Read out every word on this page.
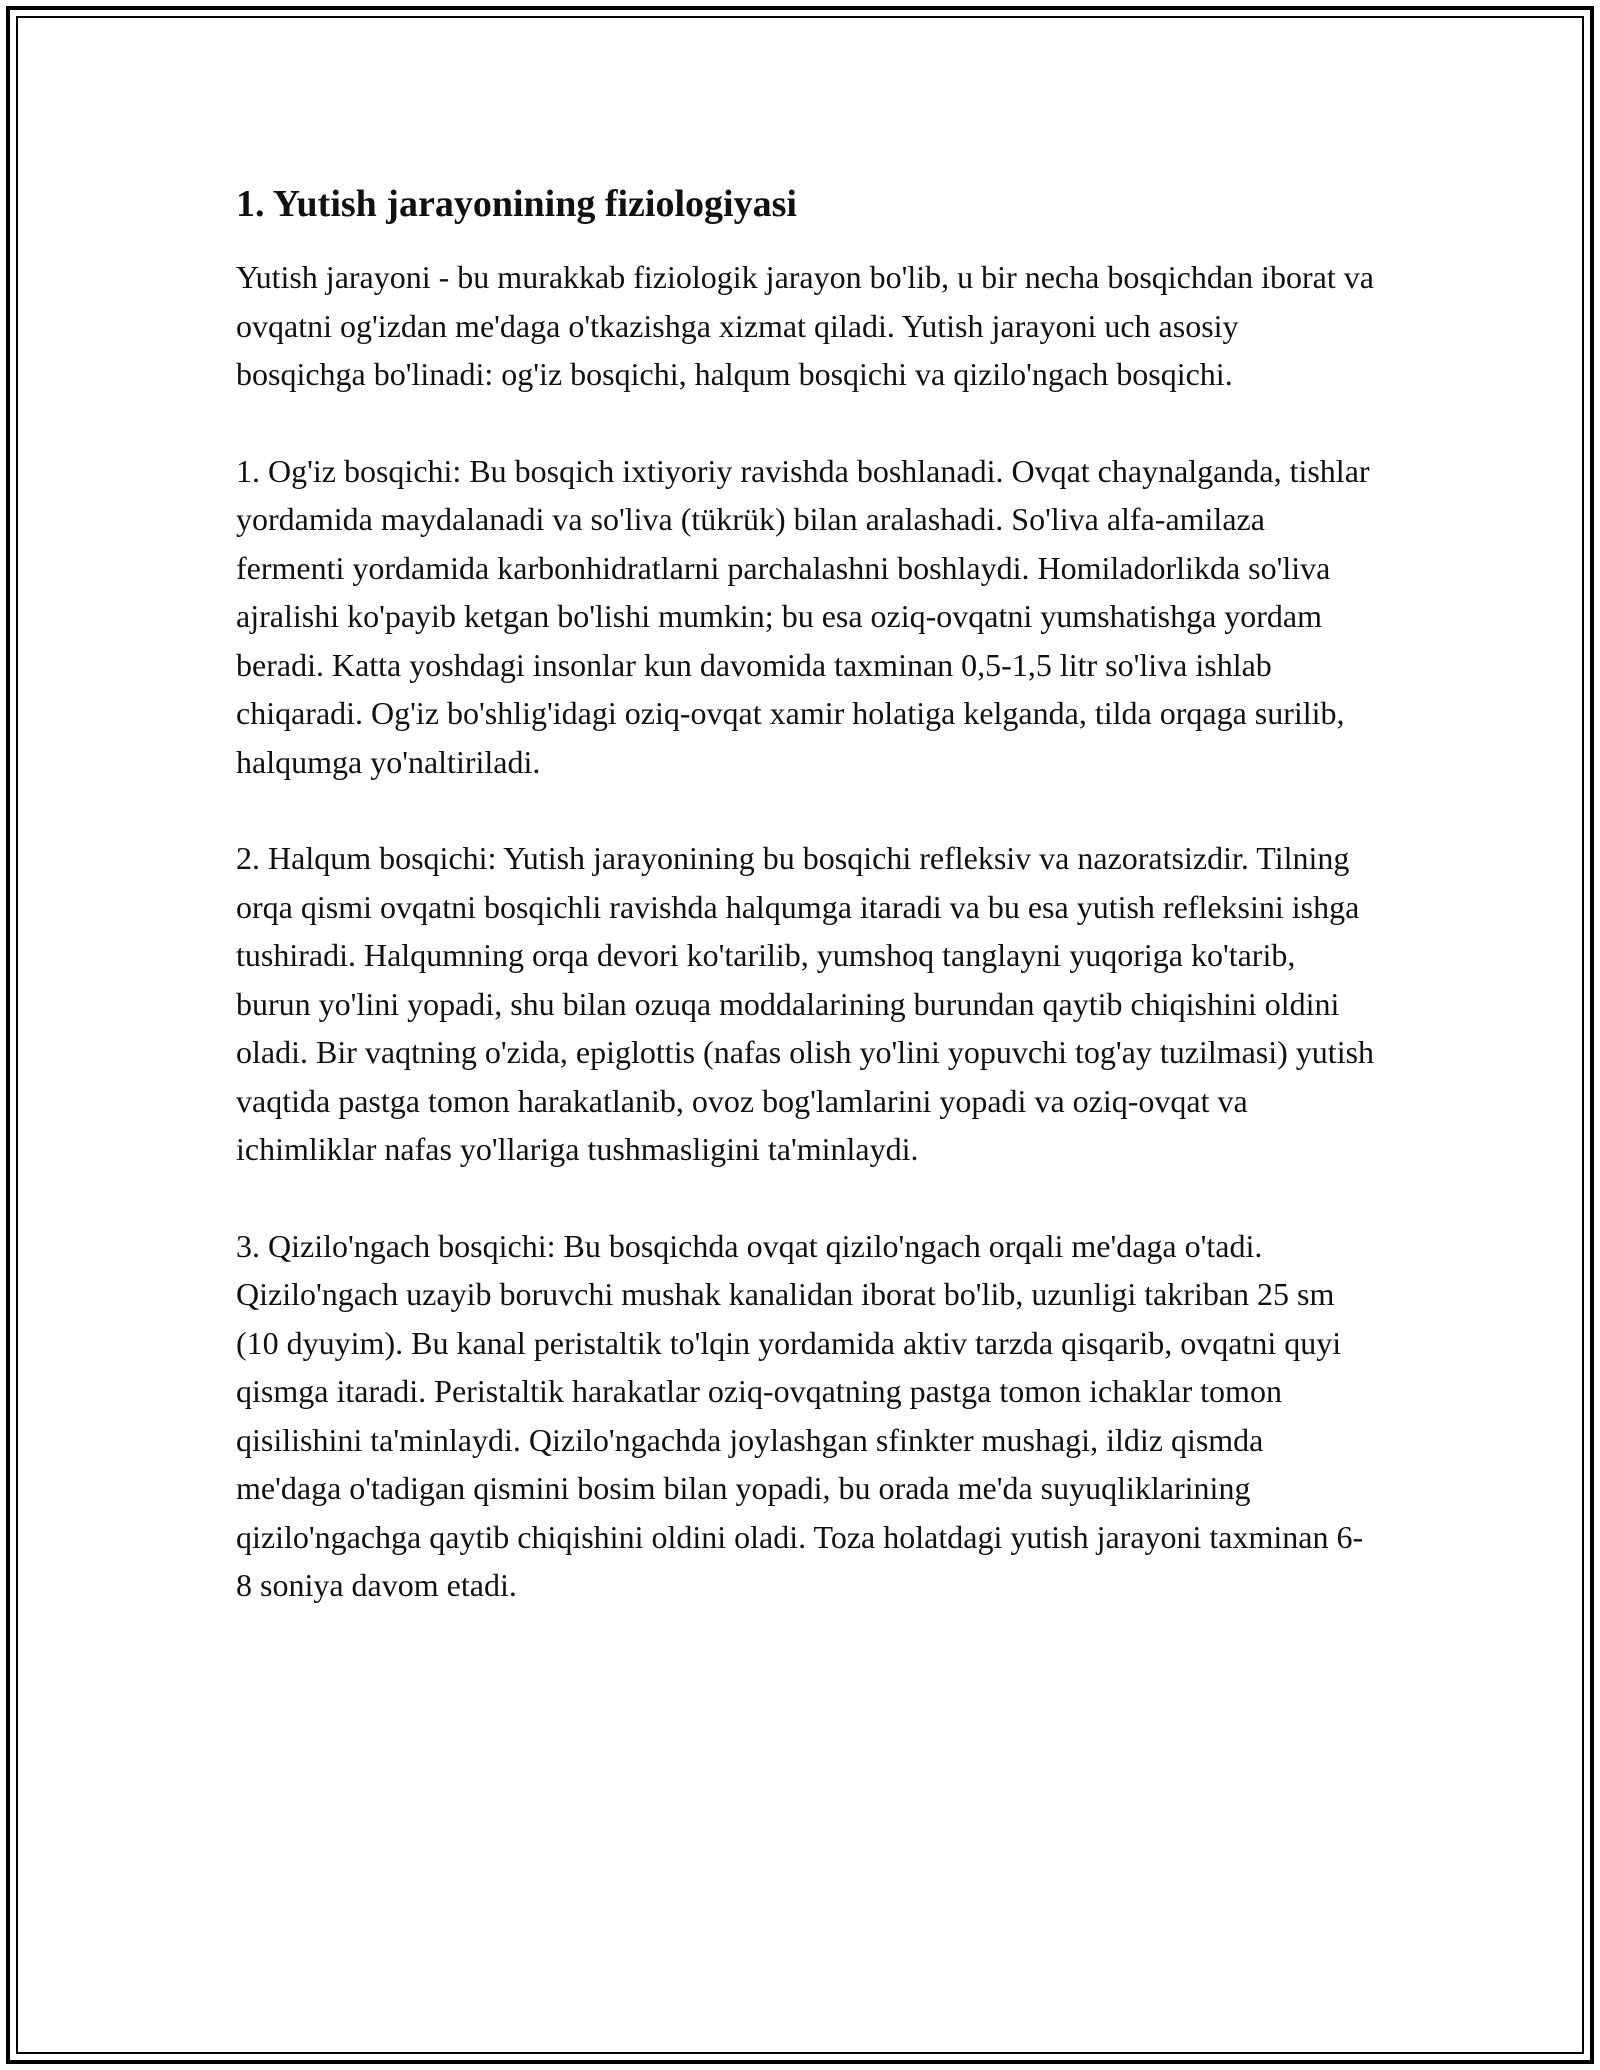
1. Yutish jarayonining fiziologiyasi

Yutish jarayoni - bu murakkab fiziologik jarayon bo'lib, u bir necha bosqichdan iborat va ovqatni og'izdan me'daga o'tkazishga xizmat qiladi. Yutish jarayoni uch asosiy bosqichga bo'linadi: og'iz bosqichi, halqum bosqichi va qizilo'ngach bosqichi.

1. Og'iz bosqichi: Bu bosqich ixtiyoriy ravishda boshlanadi. Ovqat chaynalganda, tishlar yordamida maydalanadi va so'liva (tükrük) bilan aralashadi. So'liva alfa-amilaza fermenti yordamida karbonhidratlarni parchalashni boshlaydi. Homiladorlikda so'liva ajralishi ko'payib ketgan bo'lishi mumkin; bu esa oziq-ovqatni yumshatishga yordam beradi. Katta yoshdagi insonlar kun davomida taxminan 0,5-1,5 litr so'liva ishlab chiqaradi. Og'iz bo'shlig'idagi oziq-ovqat xamir holatiga kelganda, tilda orqaga surilib, halqumga yo'naltiriladi.

2. Halqum bosqichi: Yutish jarayonining bu bosqichi refleksiv va nazoratsizdir. Tilning orqa qismi ovqatni bosqichli ravishda halqumga itaradi va bu esa yutish refleksini ishga tushiradi. Halqumning orqa devori ko'tarilib, yumshoq tanglayni yuqoriga ko'tarib, burun yo'lini yopadi, shu bilan ozuqa moddalarining burundan qaytib chiqishini oldini oladi. Bir vaqtning o'zida, epiglottis (nafas olish yo'lini yopuvchi tog'ay tuzilmasi) yutish vaqtida pastga tomon harakatlanib, ovoz bog'lamlarini yopadi va oziq-ovqat va ichimliklar nafas yo'llariga tushmasligini ta'minlaydi.

3. Qizilo'ngach bosqichi: Bu bosqichda ovqat qizilo'ngach orqali me'daga o'tadi. Qizilo'ngach uzayib boruvchi mushak kanalidan iborat bo'lib, uzunligi takriban 25 sm (10 dyuyim). Bu kanal peristaltik to'lqin yordamida aktiv tarzda qisqarib, ovqatni quyi qismga itaradi. Peristaltik harakatlar oziq-ovqatning pastga tomon ichaklar tomon qisilishini ta'minlaydi. Qizilo'ngachda joylashgan sfinkter mushagi, ildiz qismda me'daga o'tadigan qismini bosim bilan yopadi, bu orada me'da suyuqliklarining qizilo'ngachga qaytib chiqishini oldini oladi. Toza holatdagi yutish jarayoni taxminan 6-8 soniya davom etadi.
